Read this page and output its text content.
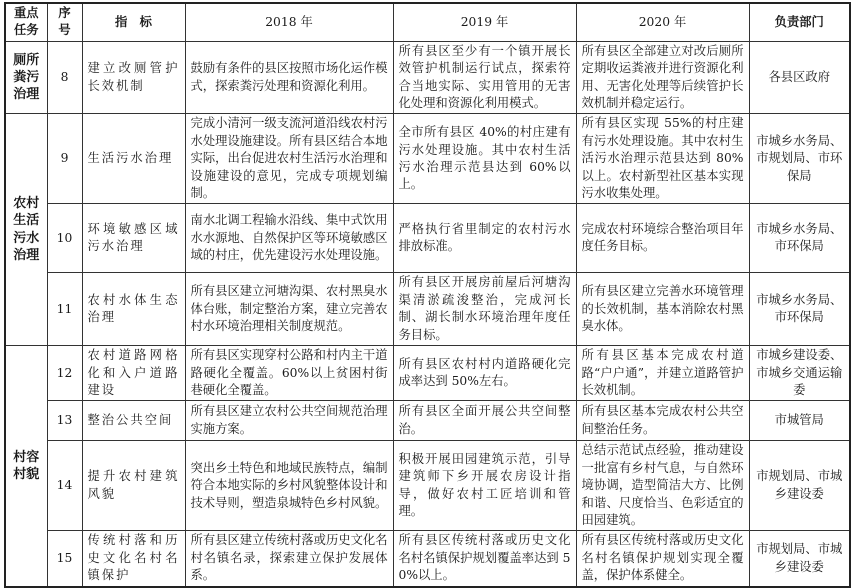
重点任务	序号	指　标	2018 年	2019 年	2020 年	负责部门
厕所粪污治理	8	建立改厕管护长效机制	鼓励有条件的县区按照市场化运作模式，探索粪污处理和资源化利用。	所有县区至少有一个镇开展长效管护机制运行试点，探索符合当地实际、实用管用的无害化处理和资源化利用模式。	所有县区全部建立对改后厕所定期收运粪液并进行资源化利用、无害化处理等后续管护长效机制并稳定运行。	各县区政府
农村生活污水治理	9	生活污水治理	完成小清河一级支流河道沿线农村污水处理设施建设。所有县区结合本地实际，出台促进农村生活污水治理和设施建设的意见，完成专项规划编制。	全市所有县区 40%的村庄建有污水处理设施。其中农村生活污水治理示范县达到 60%以上。	所有县区实现 55%的村庄建有污水处理设施。其中农村生活污水治理示范县达到 80%以上。农村新型社区基本实现污水收集处理。	市城乡水务局、市规划局、市环保局
	10	环境敏感区域污水治理	南水北调工程输水沿线、集中式饮用水水源地、自然保护区等环境敏感区域的村庄，优先建设污水处理设施。	严格执行省里制定的农村污水排放标准。	完成农村环境综合整治项目年度任务目标。	市城乡水务局、市环保局
	11	农村水体生态治理	所有县区建立河塘沟渠、农村黑臭水体台账，制定整治方案，建立完善农村水环境治理相关制度规范。	所有县区开展房前屋后河塘沟渠清淤疏浚整治，完成河长制、湖长制水环境治理年度任务目标。	所有县区建立完善水环境管理的长效机制，基本消除农村黑臭水体。	市城乡水务局、市环保局
村容村貌	12	农村道路网格化和入户道路建设	所有县区实现穿村公路和村内主干道路硬化全覆盖。60%以上贫困村街巷硬化全覆盖。	所有县区农村村内道路硬化完成率达到 50%左右。	所有县区基本完成农村道路“户户通”，并建立道路管护长效机制。	市城乡建设委、市城乡交通运输委
	13	整治公共空间	所有县区建立农村公共空间规范治理实施方案。	所有县区全面开展公共空间整治。	所有县区基本完成农村公共空间整治任务。	市城管局
	14	提升农村建筑风貌	突出乡土特色和地域民族特点，编制符合本地实际的乡村风貌整体设计和技术导则，塑造泉城特色乡村风貌。	积极开展田园建筑示范，引导建筑师下乡开展农房设计指导，做好农村工匠培训和管理。	总结示范试点经验，推动建设一批富有乡村气息，与自然环境协调，造型简洁大方、比例和谐、尺度恰当、色彩适宜的田园建筑。	市规划局、市城乡建设委
	15	传统村落和历史文化名村名镇保护	所有县区建立传统村落或历史文化名村名镇名录，探索建立保护发展体系。	所有县区传统村落或历史文化名村名镇保护规划覆盖率达到 50%以上。	所有县区传统村落或历史文化名村名镇保护规划实现全覆盖，保护体系健全。	市规划局、市城乡建设委
